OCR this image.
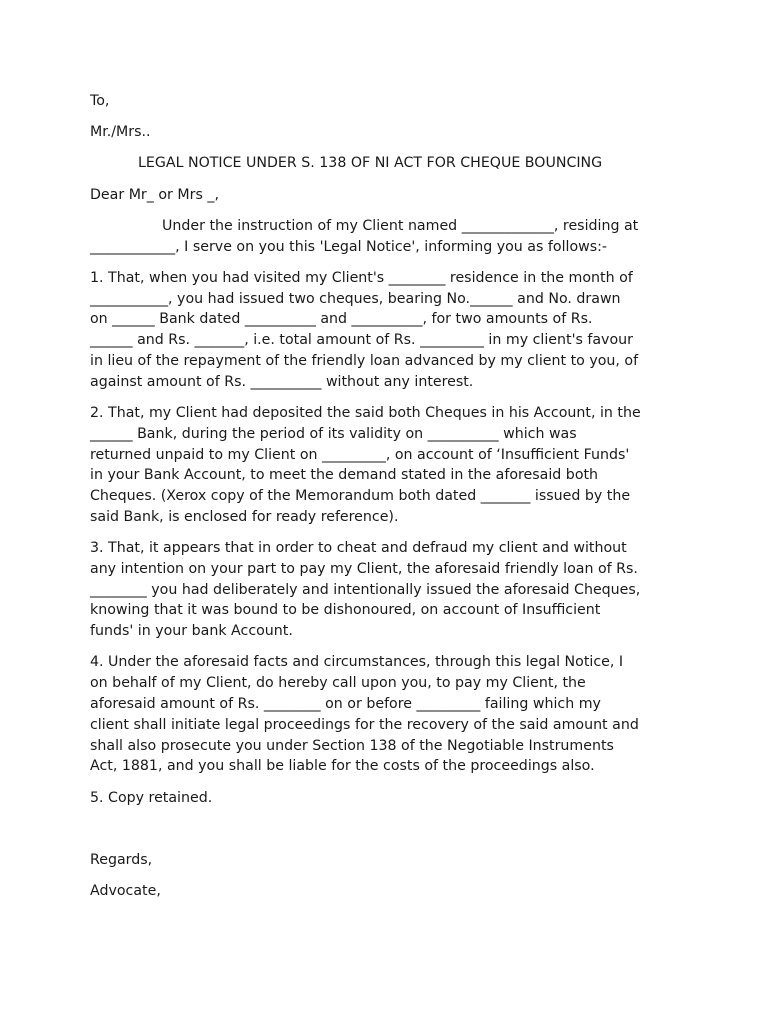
To,

Mr./Mrs..

LEGAL NOTICE UNDER S. 138 OF NI ACT FOR CHEQUE BOUNCING

Dear Mr_ or Mrs _,

Under the instruction of my Client named _____________, residing at
____________, I serve on you this 'Legal Notice', informing you as follows:-
1. That, when you had visited my Client's ________ residence in the month of
___________, you had issued two cheques, bearing No.______ and No. drawn
on ______ Bank dated __________ and __________, for two amounts of Rs.
______ and Rs. _______, i.e. total amount of Rs. _________ in my client's favour
in lieu of the repayment of the friendly loan advanced by my client to you, of
against amount of Rs. __________ without any interest.
2. That, my Client had deposited the said both Cheques in his Account, in the
______ Bank, during the period of its validity on __________ which was
returned unpaid to my Client on _________, on account of ‘Insufficient Funds'
in your Bank Account, to meet the demand stated in the aforesaid both
Cheques. (Xerox copy of the Memorandum both dated _______ issued by the
said Bank, is enclosed for ready reference).
3. That, it appears that in order to cheat and defraud my client and without
any intention on your part to pay my Client, the aforesaid friendly loan of Rs.
________ you had deliberately and intentionally issued the aforesaid Cheques,
knowing that it was bound to be dishonoured, on account of Insufficient
funds' in your bank Account.
4. Under the aforesaid facts and circumstances, through this legal Notice, I
on behalf of my Client, do hereby call upon you, to pay my Client, the
aforesaid amount of Rs. ________ on or before _________ failing which my
client shall initiate legal proceedings for the recovery of the said amount and
shall also prosecute you under Section 138 of the Negotiable Instruments
Act, 1881, and you shall be liable for the costs of the proceedings also.
5. Copy retained.

Regards,

Advocate,
